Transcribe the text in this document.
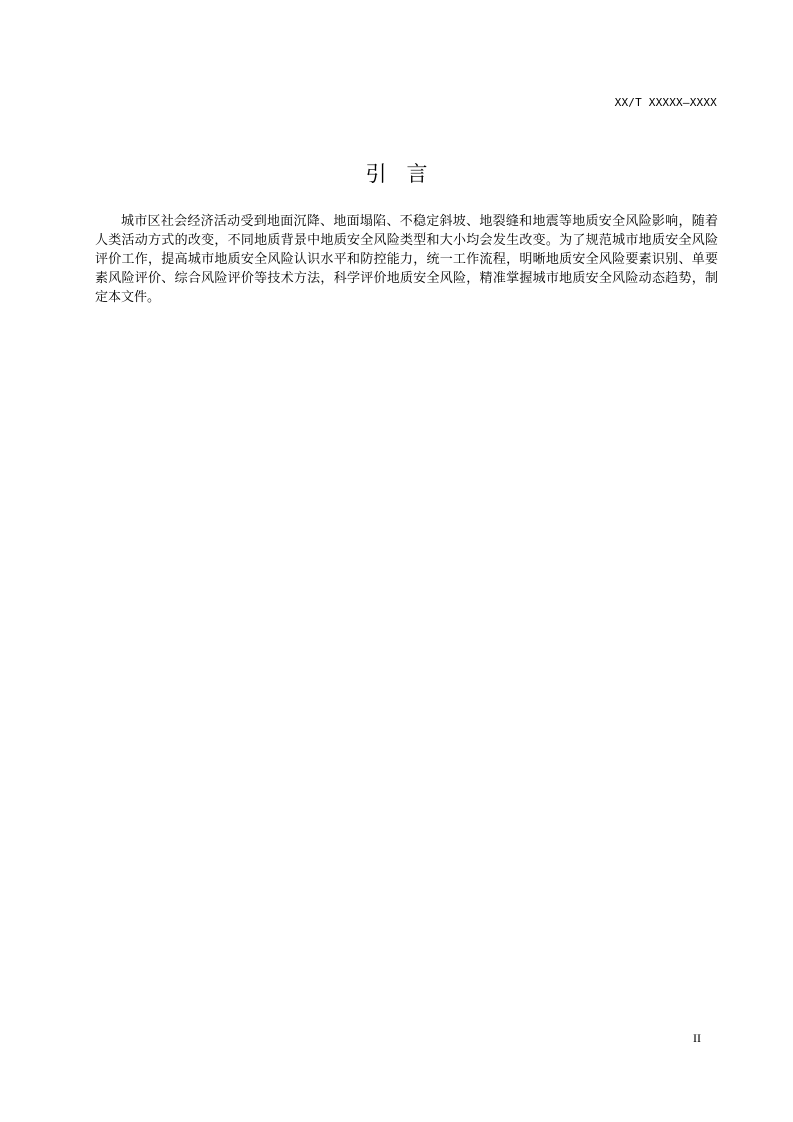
XX/T XXXXX—XXXX
引言
城市区社会经济活动受到地面沉降、地面塌陷、不稳定斜坡、地裂缝和地震等地质安全风险影响，随着人类活动方式的改变，不同地质背景中地质安全风险类型和大小均会发生改变。为了规范城市地质安全风险评价工作，提高城市地质安全风险认识水平和防控能力，统一工作流程，明晰地质安全风险要素识别、单要素风险评价、综合风险评价等技术方法，科学评价地质安全风险，精准掌握城市地质安全风险动态趋势，制定本文件。
II
